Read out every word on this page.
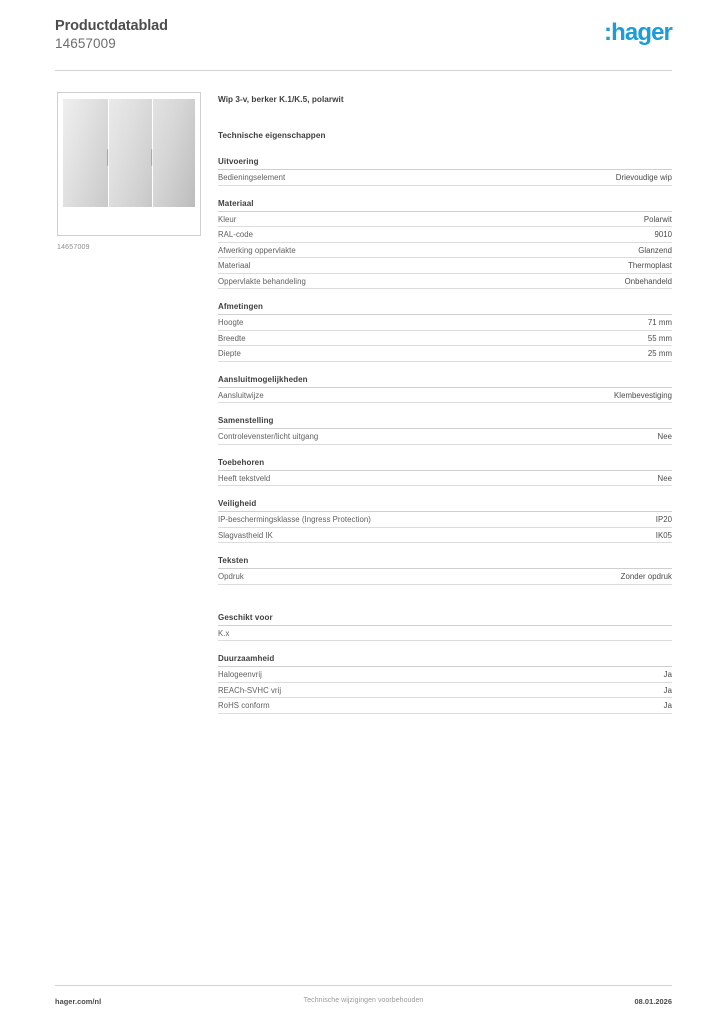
Productdatablad
14657009	:hager
14657009
Wip 3-v, berker K.1/K.5, polarwit
Technische eigenschappen
Uitvoering
Bedieningselement	Drievoudige wip
Materiaal
Kleur	Polarwit
RAL-code	9010
Afwerking oppervlakte	Glanzend
Materiaal	Thermoplast
Oppervlakte behandeling	Onbehandeld
Afmetingen
Hoogte	71 mm
Breedte	55 mm
Diepte	25 mm
Aansluitmogelijkheden
Aansluitwijze	Klembevestiging
Samenstelling
Controlevenster/licht uitgang	Nee
Toebehoren
Heeft tekstveld	Nee
Veiligheid
IP-beschermingsklasse (Ingress Protection)	IP20
Slagvastheid IK	IK05
Teksten
Opdruk	Zonder opdruk
Geschikt voor
K.x
Duurzaamheid
Halogeenvrij	Ja
REACh-SVHC vrij	Ja
RoHS conform	Ja
hager.com/nl	Technische wijzigingen voorbehouden	08.01.2026
